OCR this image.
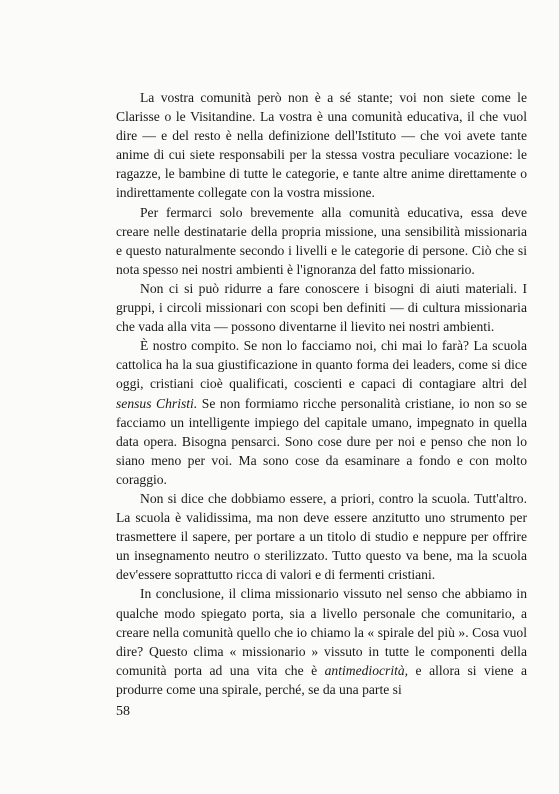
La vostra comunità però non è a sé stante; voi non siete come le Clarisse o le Visitandine. La vostra è una comunità educativa, il che vuol dire — e del resto è nella definizione dell'Istituto — che voi avete tante anime di cui siete responsabili per la stessa vostra peculiare vocazione: le ragazze, le bambine di tutte le categorie, e tante altre anime direttamente o indirettamente collegate con la vostra missione.

Per fermarci solo brevemente alla comunità educativa, essa deve creare nelle destinatarie della propria missione, una sensibilità missionaria e questo naturalmente secondo i livelli e le categorie di persone. Ciò che si nota spesso nei nostri ambienti è l'ignoranza del fatto missionario.

Non ci si può ridurre a fare conoscere i bisogni di aiuti materiali. I gruppi, i circoli missionari con scopi ben definiti — di cultura missionaria che vada alla vita — possono diventarne il lievito nei nostri ambienti.

È nostro compito. Se non lo facciamo noi, chi mai lo farà? La scuola cattolica ha la sua giustificazione in quanto forma dei leaders, come si dice oggi, cristiani cioè qualificati, coscienti e capaci di contagiare altri del sensus Christi. Se non formiamo ricche personalità cristiane, io non so se facciamo un intelligente impiego del capitale umano, impegnato in quella data opera. Bisogna pensarci. Sono cose dure per noi e penso che non lo siano meno per voi. Ma sono cose da esaminare a fondo e con molto coraggio.

Non si dice che dobbiamo essere, a priori, contro la scuola. Tutt'altro. La scuola è validissima, ma non deve essere anzitutto uno strumento per trasmettere il sapere, per portare a un titolo di studio e neppure per offrire un insegnamento neutro o sterilizzato. Tutto questo va bene, ma la scuola dev'essere soprattutto ricca di valori e di fermenti cristiani.

In conclusione, il clima missionario vissuto nel senso che abbiamo in qualche modo spiegato porta, sia a livello personale che comunitario, a creare nella comunità quello che io chiamo la « spirale del più ». Cosa vuol dire? Questo clima « missionario » vissuto in tutte le componenti della comunità porta ad una vita che è antimediocrità, e allora si viene a produrre come una spirale, perché, se da una parte si

58
